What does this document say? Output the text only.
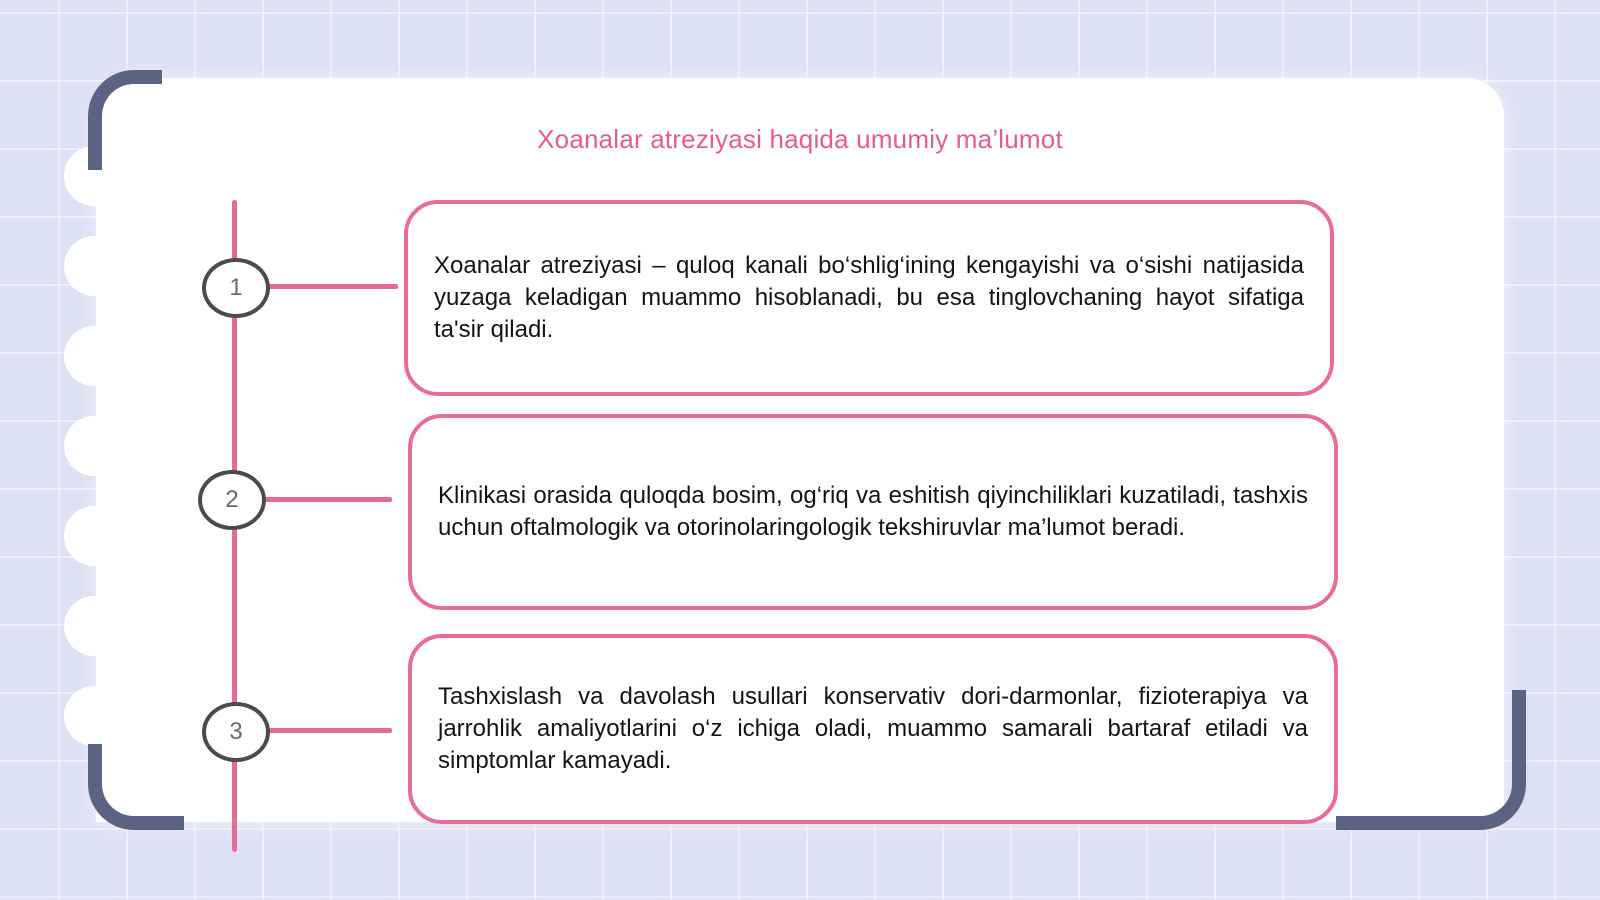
Xoanalar atreziyasi haqida umumiy ma’lumot
1

Xoanalar atreziyasi – quloq kanali bo‘shlig‘ining kengayishi va o‘sishi natijasida yuzaga keladigan muammo hisoblanadi, bu esa tinglovchaning hayot sifatiga ta'sir qiladi.

2	Klinikasi orasida quloqda bosim, og‘riq va eshitish qiyinchiliklari kuzatiladi, tashxis uchun oftalmologik va otorinolaringologik tekshiruvlar ma’lumot beradi.

3

Tashxislash va davolash usullari konservativ dori-darmonlar, fizioterapiya va jarrohlik amaliyotlarini o‘z ichiga oladi, muammo samarali bartaraf etiladi va simptomlar kamayadi.
